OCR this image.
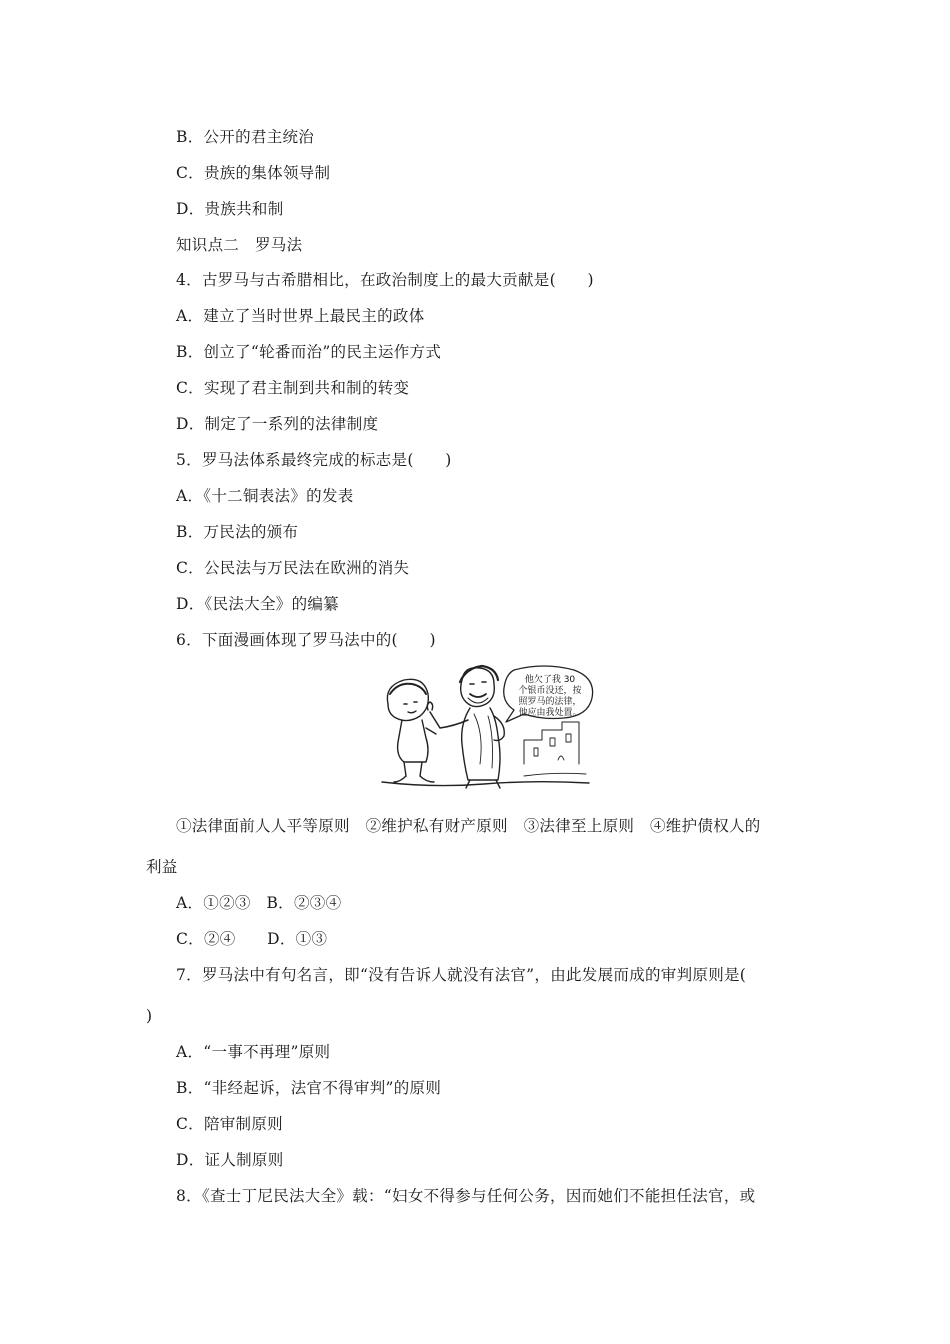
B．公开的君主统治
C．贵族的集体领导制
D．贵族共和制
知识点二　罗马法
4．古罗马与古希腊相比，在政治制度上的最大贡献是(　　)
A．建立了当时世界上最民主的政体
B．创立了“轮番而治”的民主运作方式
C．实现了君主制到共和制的转变
D．制定了一系列的法律制度
5．罗马法体系最终完成的标志是(　　)
A．《十二铜表法》的发表
B．万民法的颁布
C．公民法与万民法在欧洲的消失
D．《民法大全》的编纂
6．下面漫画体现了罗马法中的(　　)
他欠了我 30
个银币没还，按
照罗马的法律，
他应由我处置。
①法律面前人人平等原则　②维护私有财产原则　③法律至上原则　④维护债权人的
利益
A．①②③　B．②③④
C．②④　　D．①③
7．罗马法中有句名言，即“没有告诉人就没有法官”，由此发展而成的审判原则是(
)
A．“一事不再理”原则
B．“非经起诉，法官不得审判”的原则
C．陪审制原则
D．证人制原则
8．《查士丁尼民法大全》载：“妇女不得参与任何公务，因而她们不能担任法官，或
